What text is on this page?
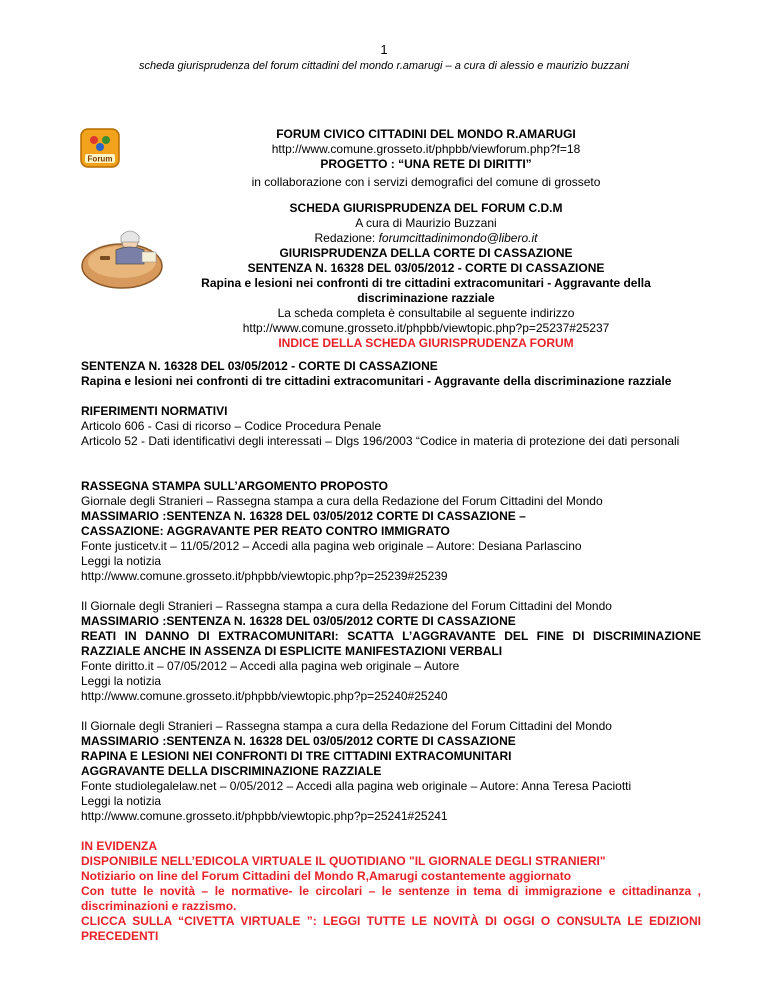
1
scheda giurisprudenza del forum cittadini del mondo r.amarugi – a cura di alessio e maurizio buzzani
Forum
FORUM CIVICO CITTADINI DEL MONDO R.AMARUGI
http://www.comune.grosseto.it/phpbb/viewforum.php?f=18
PROGETTO : “UNA RETE DI DIRITTI”
in collaborazione con i servizi demografici del comune di grosseto
SCHEDA GIURISPRUDENZA DEL FORUM C.D.M
A cura di Maurizio Buzzani
Redazione: forumcittadinimondo@libero.it
GIURISPRUDENZA DELLA CORTE DI CASSAZIONE
SENTENZA N. 16328 DEL 03/05/2012 - CORTE DI CASSAZIONE
Rapina e lesioni nei confronti di tre cittadini extracomunitari - Aggravante della
discriminazione razziale
La scheda completa è consultabile al seguente indirizzo
http://www.comune.grosseto.it/phpbb/viewtopic.php?p=25237#25237
INDICE DELLA SCHEDA GIURISPRUDENZA FORUM

SENTENZA N. 16328 DEL 03/05/2012 - CORTE DI CASSAZIONE

Rapina e lesioni nei confronti di tre cittadini extracomunitari - Aggravante della discriminazione razziale

RIFERIMENTI NORMATIVI

Articolo 606 - Casi di ricorso – Codice Procedura Penale

Articolo 52 - Dati identificativi degli interessati – Dlgs 196/2003 “Codice in materia di protezione dei dati personali

RASSEGNA STAMPA SULL’ARGOMENTO PROPOSTO

Giornale degli Stranieri – Rassegna stampa a cura della Redazione del Forum Cittadini del Mondo

MASSIMARIO :SENTENZA N. 16328 DEL 03/05/2012 CORTE DI CASSAZIONE –

CASSAZIONE: AGGRAVANTE PER REATO CONTRO IMMIGRATO

Fonte justicetv.it – 11/05/2012 – Accedi alla pagina web originale – Autore: Desiana Parlascino

Leggi la notizia

http://www.comune.grosseto.it/phpbb/viewtopic.php?p=25239#25239

Il Giornale degli Stranieri – Rassegna stampa a cura della Redazione del Forum Cittadini del Mondo

MASSIMARIO :SENTENZA N. 16328 DEL 03/05/2012 CORTE DI CASSAZIONE

REATI IN DANNO DI EXTRACOMUNITARI: SCATTA L’AGGRAVANTE DEL FINE DI DISCRIMINAZIONE RAZZIALE ANCHE IN ASSENZA DI ESPLICITE MANIFESTAZIONI VERBALI

Fonte diritto.it – 07/05/2012 – Accedi alla pagina web originale – Autore

Leggi la notizia

http://www.comune.grosseto.it/phpbb/viewtopic.php?p=25240#25240

Il Giornale degli Stranieri – Rassegna stampa a cura della Redazione del Forum Cittadini del Mondo

MASSIMARIO :SENTENZA N. 16328 DEL 03/05/2012 CORTE DI CASSAZIONE

RAPINA E LESIONI NEI CONFRONTI DI TRE CITTADINI EXTRACOMUNITARI

AGGRAVANTE DELLA DISCRIMINAZIONE RAZZIALE

Fonte studiolegalelaw.net – 0/05/2012 – Accedi alla pagina web originale – Autore: Anna Teresa Paciotti

Leggi la notizia

http://www.comune.grosseto.it/phpbb/viewtopic.php?p=25241#25241

IN EVIDENZA

DISPONIBILE NELL’EDICOLA VIRTUALE IL QUOTIDIANO "IL GIORNALE DEGLI STRANIERI"

Notiziario on line del Forum Cittadini del Mondo R,Amarugi costantemente aggiornato

Con tutte le novità – le normative- le circolari – le sentenze in tema di immigrazione e cittadinanza , discriminazioni e razzismo.

CLICCA SULLA “CIVETTA VIRTUALE ”: LEGGI TUTTE LE NOVITÀ DI OGGI O CONSULTA LE EDIZIONI PRECEDENTI
